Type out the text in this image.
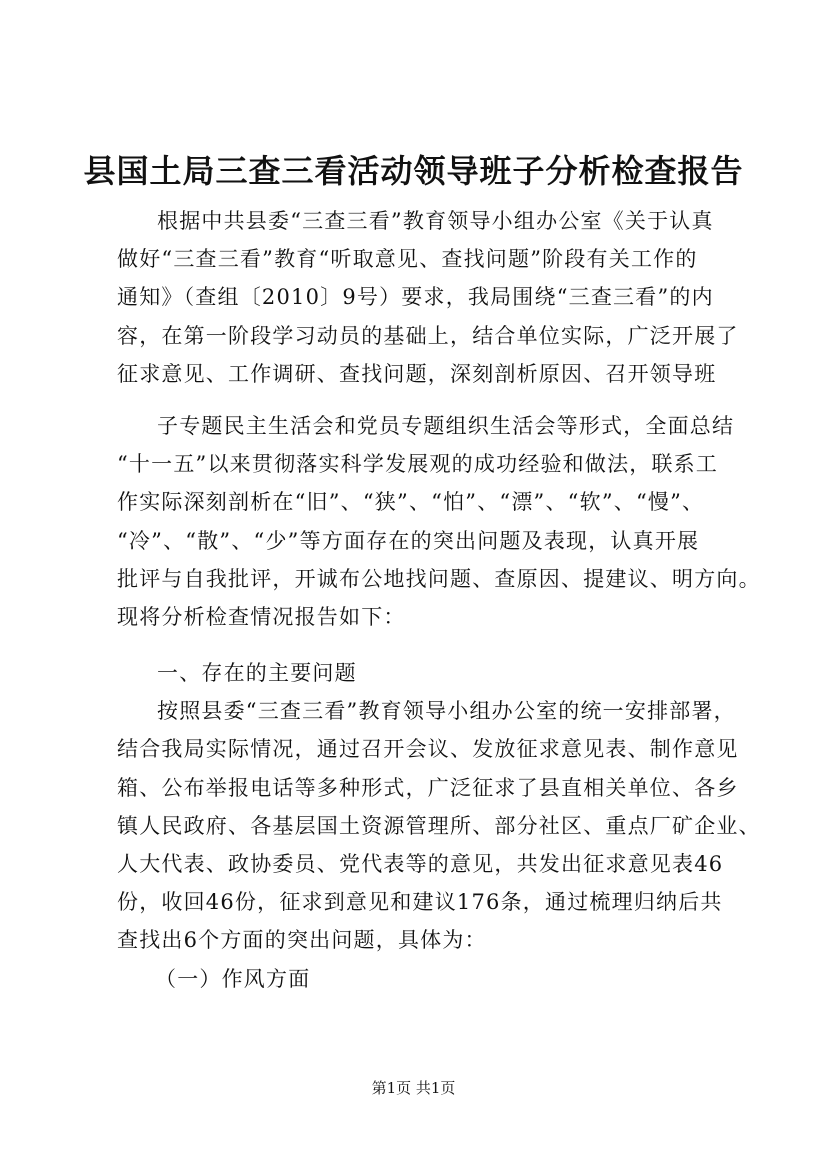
县国土局三查三看活动领导班子分析检查报告
根据中共县委“三查三看”教育领导小组办公室《关于认真
做好“三查三看”教育“听取意见、查找问题”阶段有关工作的
通知》（查组〔2010〕9号）要求，我局围绕“三查三看”的内
容，在第一阶段学习动员的基础上，结合单位实际，广泛开展了
征求意见、工作调研、查找问题，深刻剖析原因、召开领导班
子专题民主生活会和党员专题组织生活会等形式，全面总结
“十一五”以来贯彻落实科学发展观的成功经验和做法，联系工
作实际深刻剖析在“旧”、“狭”、“怕”、“漂”、“软”、“慢”、
“冷”、“散”、“少”等方面存在的突出问题及表现，认真开展
批评与自我批评，开诚布公地找问题、查原因、提建议、明方向。
现将分析检查情况报告如下：
一、存在的主要问题
按照县委“三查三看”教育领导小组办公室的统一安排部署，
结合我局实际情况，通过召开会议、发放征求意见表、制作意见
箱、公布举报电话等多种形式，广泛征求了县直相关单位、各乡
镇人民政府、各基层国土资源管理所、部分社区、重点厂矿企业、
人大代表、政协委员、党代表等的意见，共发出征求意见表46
份，收回46份，征求到意见和建议176条，通过梳理归纳后共
查找出6个方面的突出问题，具体为：
（一）作风方面
第1页 共1页
